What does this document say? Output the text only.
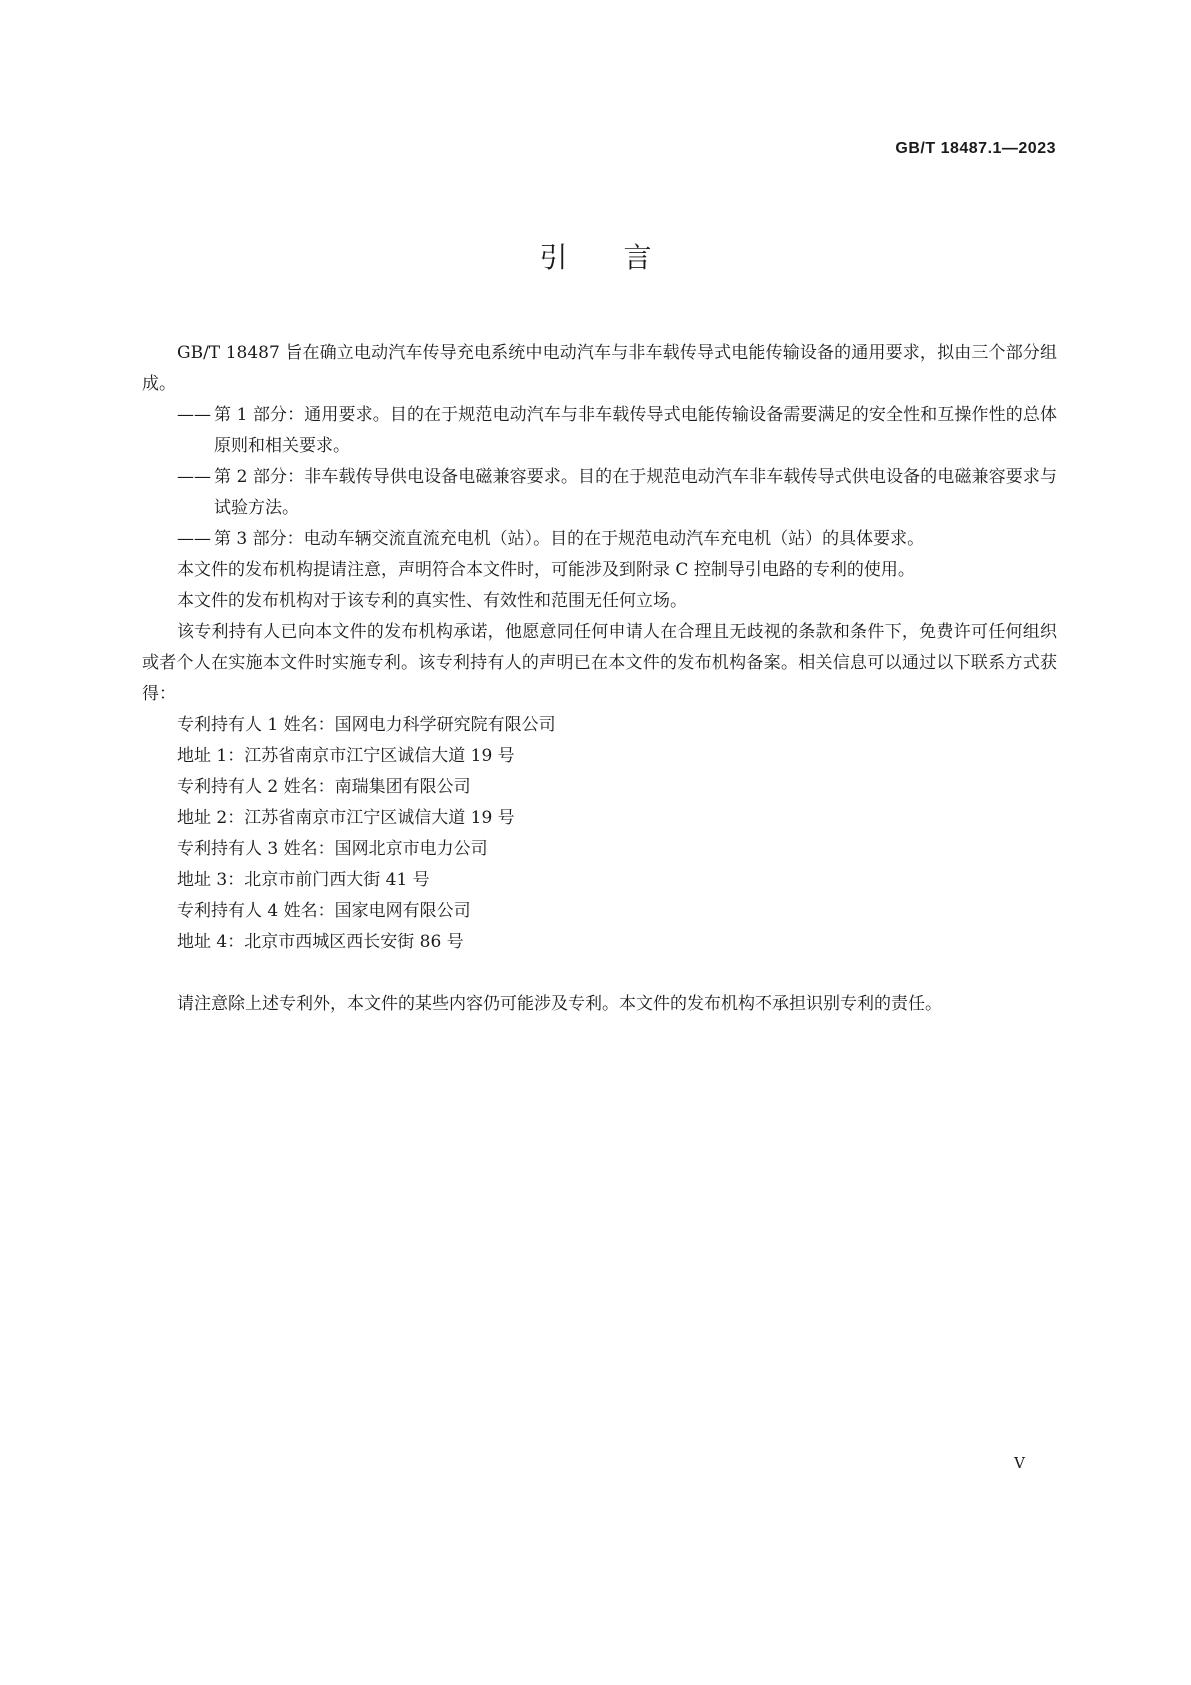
GB/T 18487.1—2023
引言

GB/T 18487 旨在确立电动汽车传导充电系统中电动汽车与非车载传导式电能传输设备的通用要求，拟由三个部分组成。

—— 第 1 部分：通用要求。目的在于规范电动汽车与非车载传导式电能传输设备需要满足的安全性和互操作性的总体原则和相关要求。
—— 第 2 部分：非车载传导供电设备电磁兼容要求。目的在于规范电动汽车非车载传导式供电设备的电磁兼容要求与试验方法。
—— 第 3 部分：电动车辆交流直流充电机（站）。目的在于规范电动汽车充电机（站）的具体要求。

本文件的发布机构提请注意，声明符合本文件时，可能涉及到附录 C 控制导引电路的专利的使用。

本文件的发布机构对于该专利的真实性、有效性和范围无任何立场。

该专利持有人已向本文件的发布机构承诺，他愿意同任何申请人在合理且无歧视的条款和条件下，免费许可任何组织或者个人在实施本文件时实施专利。该专利持有人的声明已在本文件的发布机构备案。相关信息可以通过以下联系方式获得：

专利持有人 1 姓名：国网电力科学研究院有限公司

地址 1：江苏省南京市江宁区诚信大道 19 号

专利持有人 2 姓名：南瑞集团有限公司

地址 2：江苏省南京市江宁区诚信大道 19 号

专利持有人 3 姓名：国网北京市电力公司

地址 3：北京市前门西大街 41 号

专利持有人 4 姓名：国家电网有限公司

地址 4：北京市西城区西长安街 86 号

请注意除上述专利外，本文件的某些内容仍可能涉及专利。本文件的发布机构不承担识别专利的责任。

V
